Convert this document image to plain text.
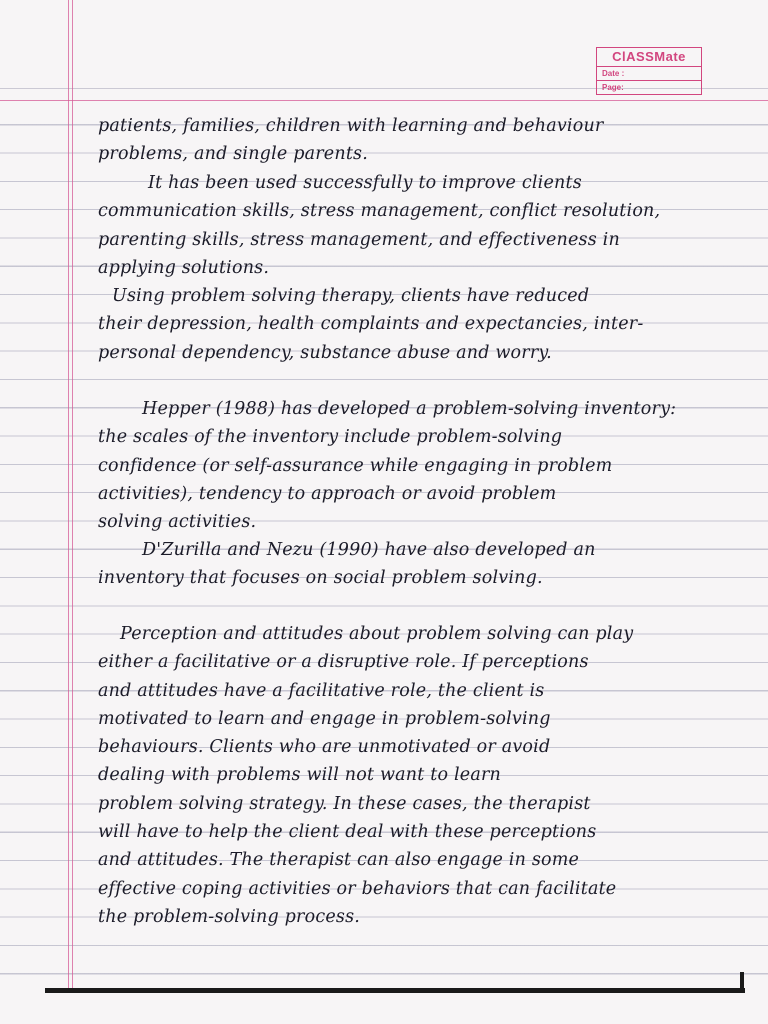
ClASSMate
Date :
Page:
patients, families, children with learning and behaviour
problems, and single parents.
It has been used successfully to improve clients
communication skills, stress management, conflict resolution,
parenting skills, stress management, and effectiveness in
applying solutions.
Using problem solving therapy, clients have reduced
their depression, health complaints and expectancies, inter-
personal dependency, substance abuse and worry.
Hepper (1988) has developed a problem-solving inventory:
the scales of the inventory include problem-solving
confidence (or self-assurance while engaging in problem
activities), tendency to approach or avoid problem
solving activities.
D'Zurilla and Nezu (1990) have also developed an
inventory that focuses on social problem solving.
Perception and attitudes about problem solving can play
either a facilitative or a disruptive role. If perceptions
and attitudes have a facilitative role, the client is
motivated to learn and engage in problem-solving
behaviours. Clients who are unmotivated or avoid
dealing with problems will not want to learn
problem solving strategy. In these cases, the therapist
will have to help the client deal with these perceptions
and attitudes. The therapist can also engage in some
effective coping activities or behaviors that can facilitate
the problem-solving process.
